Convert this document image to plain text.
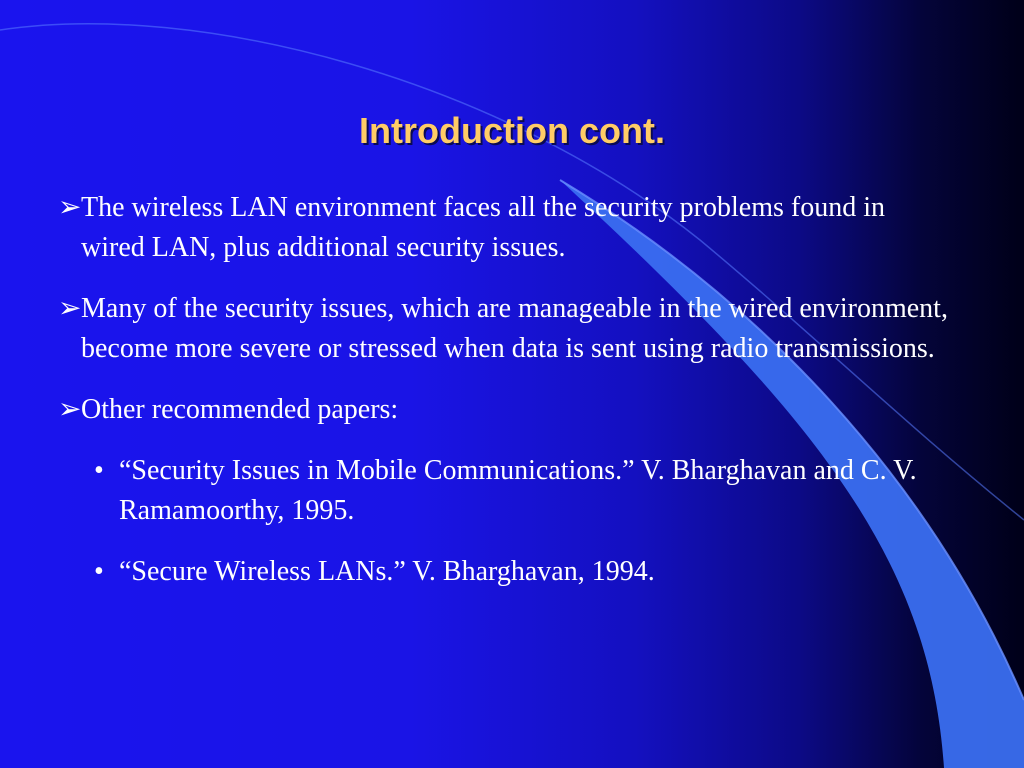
Introduction cont.
➢ The wireless LAN environment faces all the security problems found in wired LAN, plus additional security issues.
➢ Many of the security issues, which are manageable in the wired environment, become more severe or stressed when data is sent using radio transmissions.
➢ Other recommended papers:
• “Security Issues in Mobile Communications.” V. Bharghavan and C. V. Ramamoorthy, 1995.
• “Secure Wireless LANs.” V. Bharghavan, 1994.
